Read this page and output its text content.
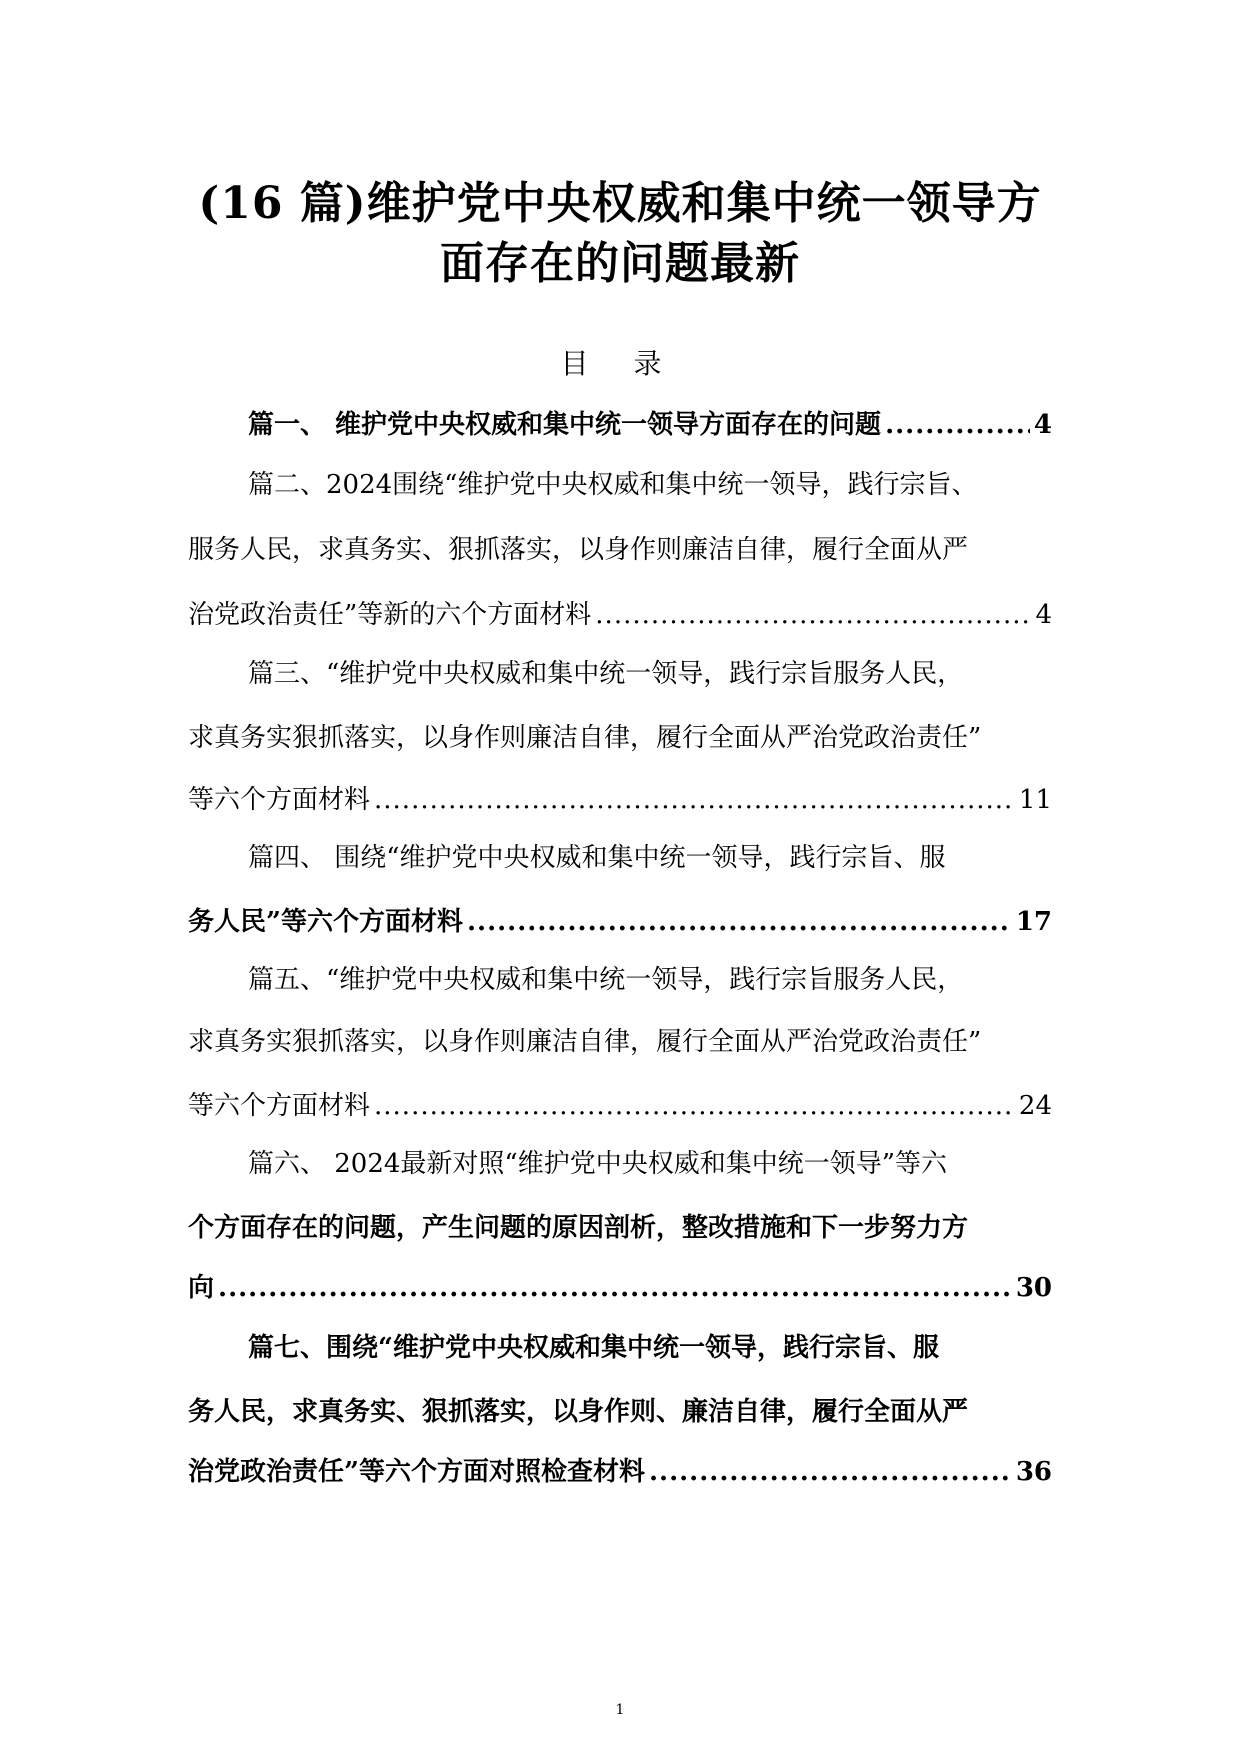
(16 篇)维护党中央权威和集中统一领导方
面存在的问题最新
目 录
篇一、 维护党中央权威和集中统一领导方面存在的问题 .....	4
篇二、2024围绕“维护党中央权威和集中统一领导，践行宗旨、
服务人民，求真务实、狠抓落实，以身作则廉洁自律，履行全面从严
治党政治责任”等新的六个方面材料 .....	4
篇三、“维护党中央权威和集中统一领导，践行宗旨服务人民，
求真务实狠抓落实，以身作则廉洁自律，履行全面从严治党政治责任”
等六个方面材料 .....	11
篇四、 围绕“维护党中央权威和集中统一领导，践行宗旨、服
务人民”等六个方面材料 .....	17
篇五、“维护党中央权威和集中统一领导，践行宗旨服务人民，
求真务实狠抓落实，以身作则廉洁自律，履行全面从严治党政治责任”
等六个方面材料 .....	24
篇六、 2024最新对照“维护党中央权威和集中统一领导”等六
个方面存在的问题，产生问题的原因剖析，整改措施和下一步努力方
向 .....	30
篇七、围绕“维护党中央权威和集中统一领导，践行宗旨、服
务人民，求真务实、狠抓落实，以身作则、廉洁自律，履行全面从严
治党政治责任”等六个方面对照检查材料 .....	36
1
